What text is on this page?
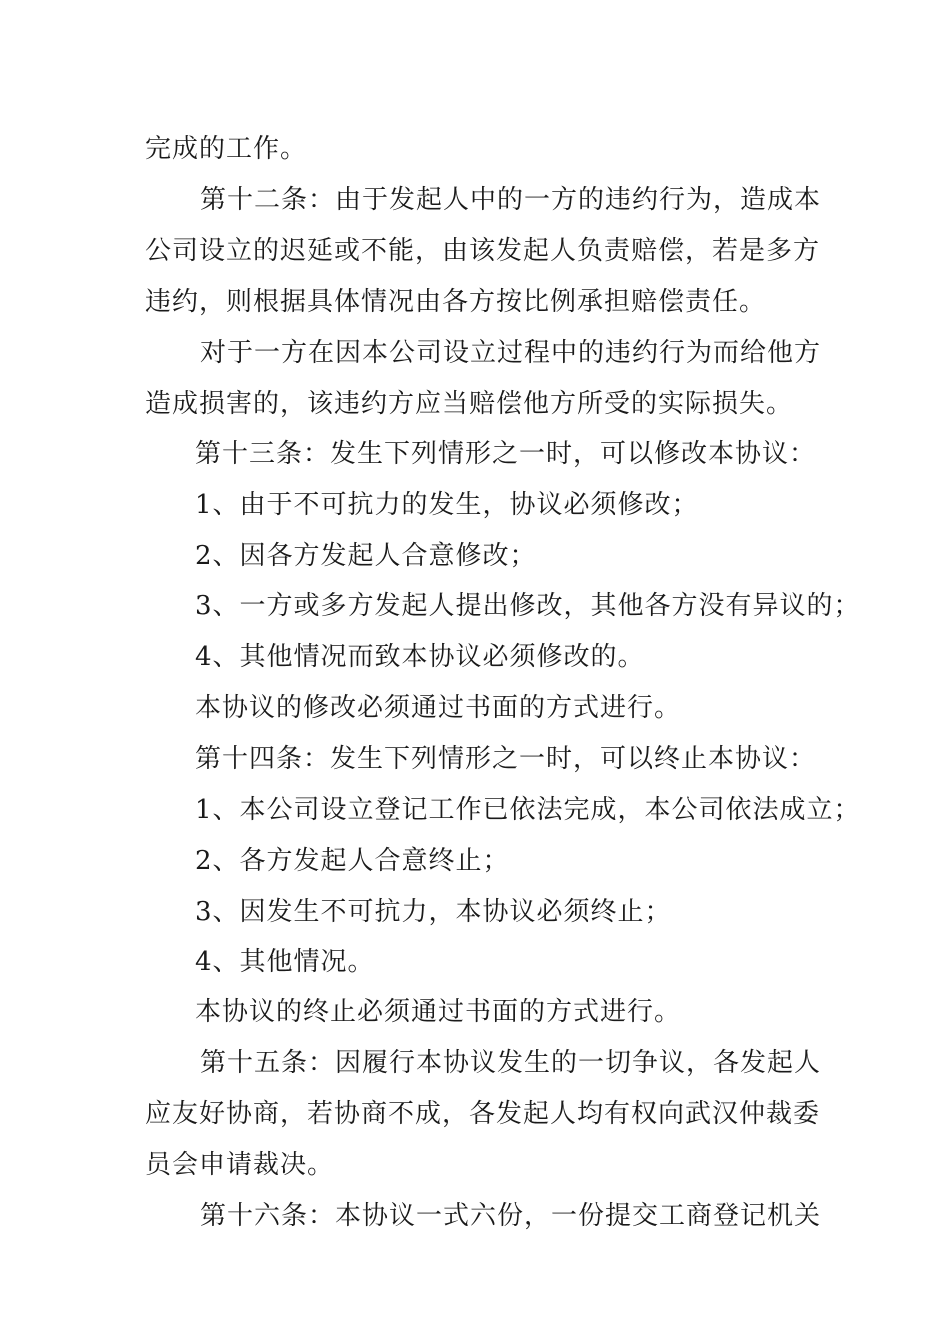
完成的工作。
第十二条：由于发起人中的一方的违约行为，造成本
公司设立的迟延或不能，由该发起人负责赔偿，若是多方
违约，则根据具体情况由各方按比例承担赔偿责任。
对于一方在因本公司设立过程中的违约行为而给他方
造成损害的，该违约方应当赔偿他方所受的实际损失。
第十三条：发生下列情形之一时，可以修改本协议：
1、由于不可抗力的发生，协议必须修改；
2、因各方发起人合意修改；
3、一方或多方发起人提出修改，其他各方没有异议的；
4、其他情况而致本协议必须修改的。
本协议的修改必须通过书面的方式进行。
第十四条：发生下列情形之一时，可以终止本协议：
1、本公司设立登记工作已依法完成，本公司依法成立；
2、各方发起人合意终止；
3、因发生不可抗力，本协议必须终止；
4、其他情况。
本协议的终止必须通过书面的方式进行。
第十五条：因履行本协议发生的一切争议，各发起人
应友好协商，若协商不成，各发起人均有权向武汉仲裁委
员会申请裁决。
第十六条：本协议一式六份，一份提交工商登记机关
